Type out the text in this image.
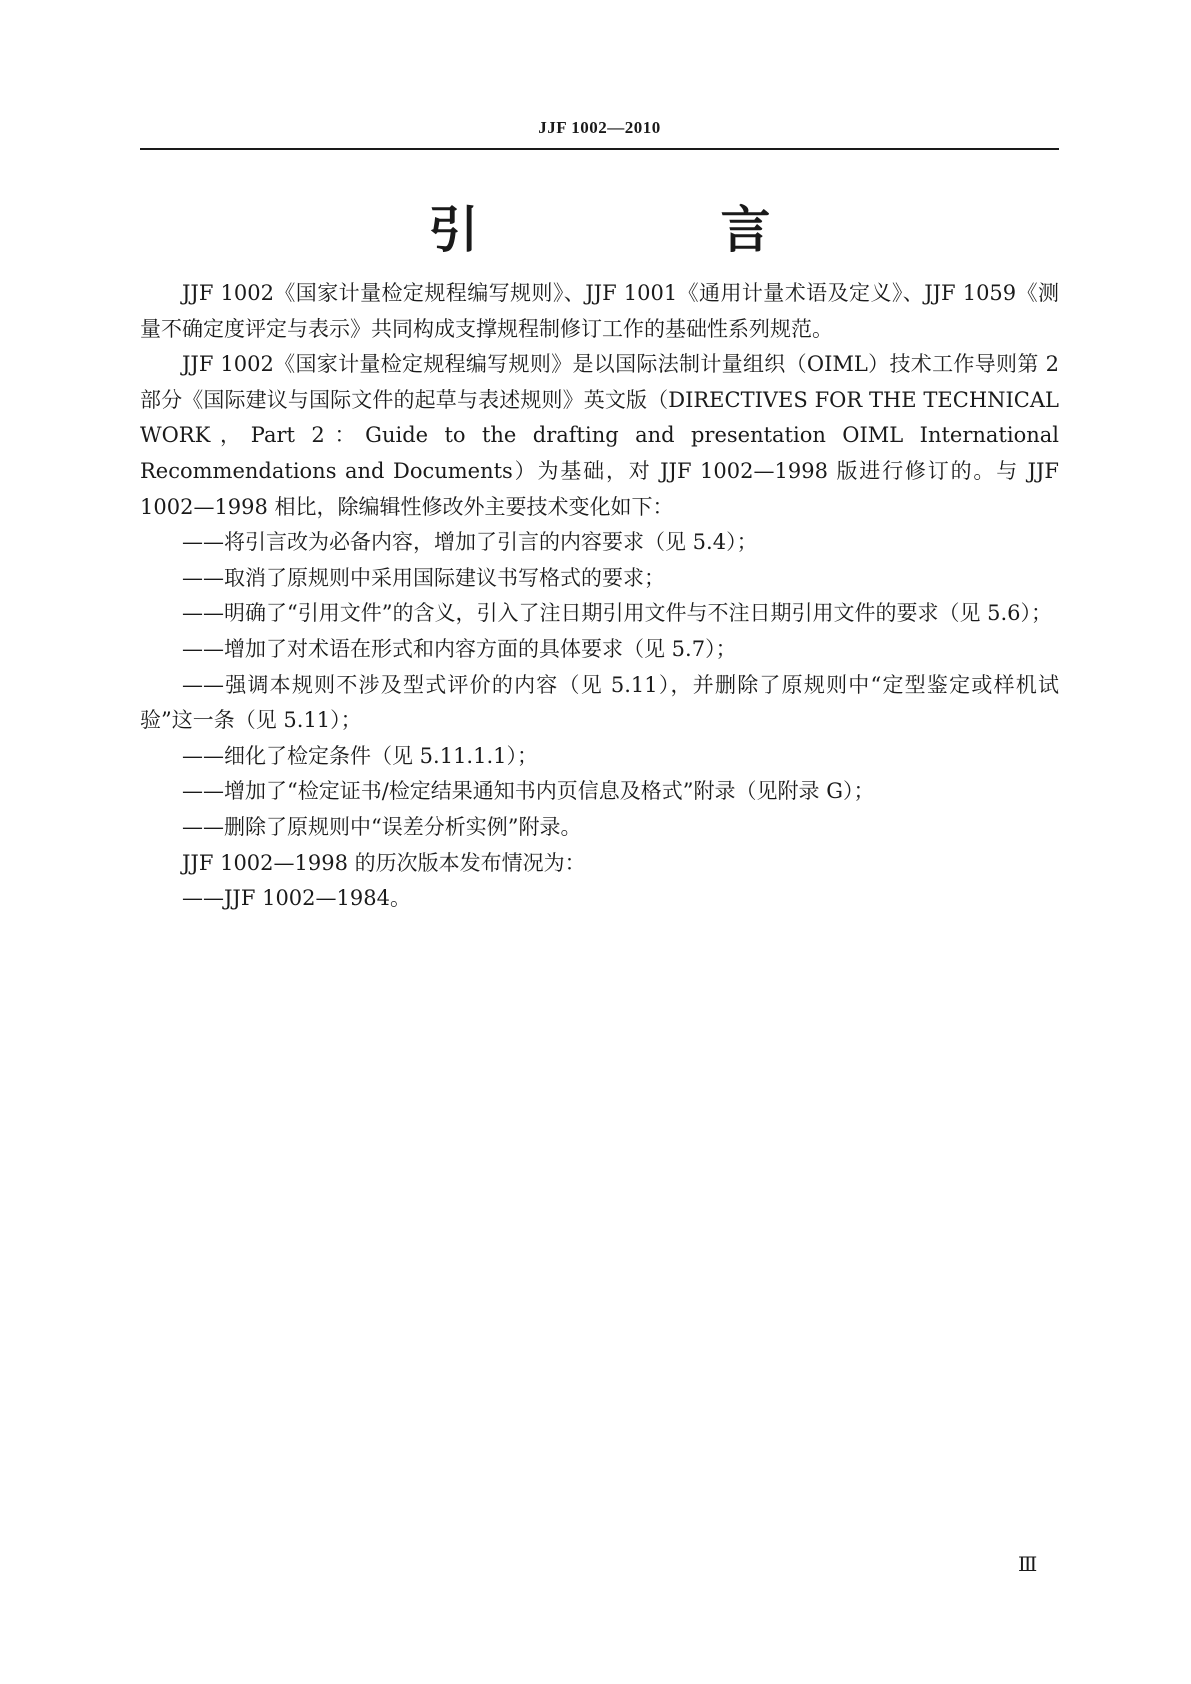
JJF 1002—2010
引　言

JJF 1002《国家计量检定规程编写规则》、JJF 1001《通用计量术语及定义》、JJF 1059《测量不确定度评定与表示》共同构成支撑规程制修订工作的基础性系列规范。

JJF 1002《国家计量检定规程编写规则》是以国际法制计量组织（OIML）技术工作导则第 2 部分《国际建议与国际文件的起草与表述规则》英文版（DIRECTIVES FOR THE TECHNICAL WORK，Part 2：Guide to the drafting and presentation OIML International Recommendations and Documents）为基础，对 JJF 1002—1998 版进行修订的。与 JJF 1002—1998 相比，除编辑性修改外主要技术变化如下：

——将引言改为必备内容，增加了引言的内容要求（见 5.4）；

——取消了原规则中采用国际建议书写格式的要求；

——明确了“引用文件”的含义，引入了注日期引用文件与不注日期引用文件的要求（见 5.6）；

——增加了对术语在形式和内容方面的具体要求（见 5.7）；

——强调本规则不涉及型式评价的内容（见 5.11），并删除了原规则中“定型鉴定或样机试验”这一条（见 5.11）；

——细化了检定条件（见 5.11.1.1）；

——增加了“检定证书/检定结果通知书内页信息及格式”附录（见附录 G）；

——删除了原规则中“误差分析实例”附录。

JJF 1002—1998 的历次版本发布情况为：

——JJF 1002—1984。

Ⅲ
